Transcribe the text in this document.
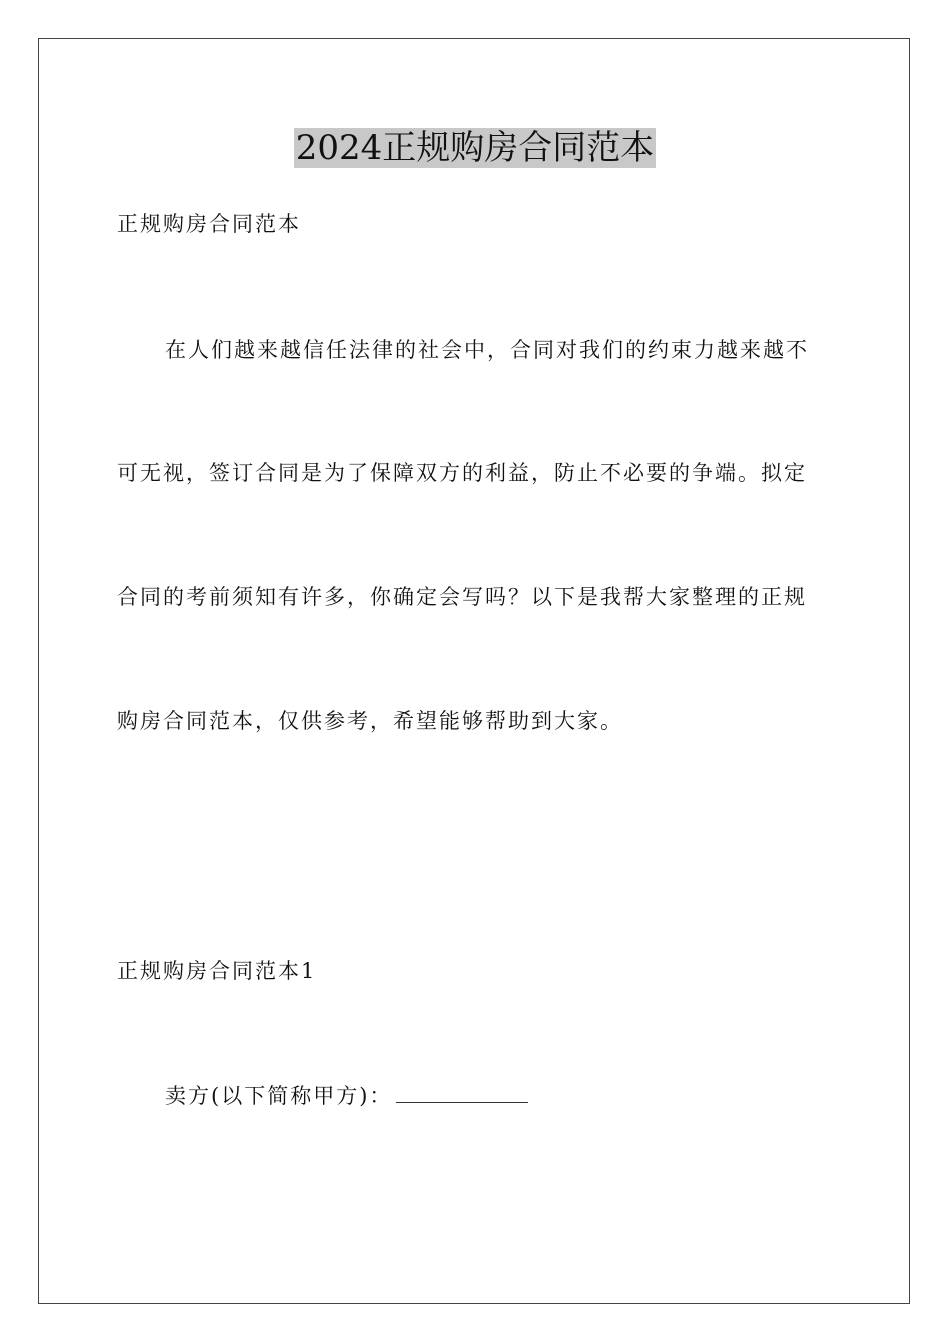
2024正规购房合同范本
正规购房合同范本
在人们越来越信任法律的社会中，合同对我们的约束力越来越不
可无视，签订合同是为了保障双方的利益，防止不必要的争端。拟定
合同的考前须知有许多，你确定会写吗？以下是我帮大家整理的正规
购房合同范本，仅供参考，希望能够帮助到大家。
正规购房合同范本1
卖方(以下简称甲方)：
